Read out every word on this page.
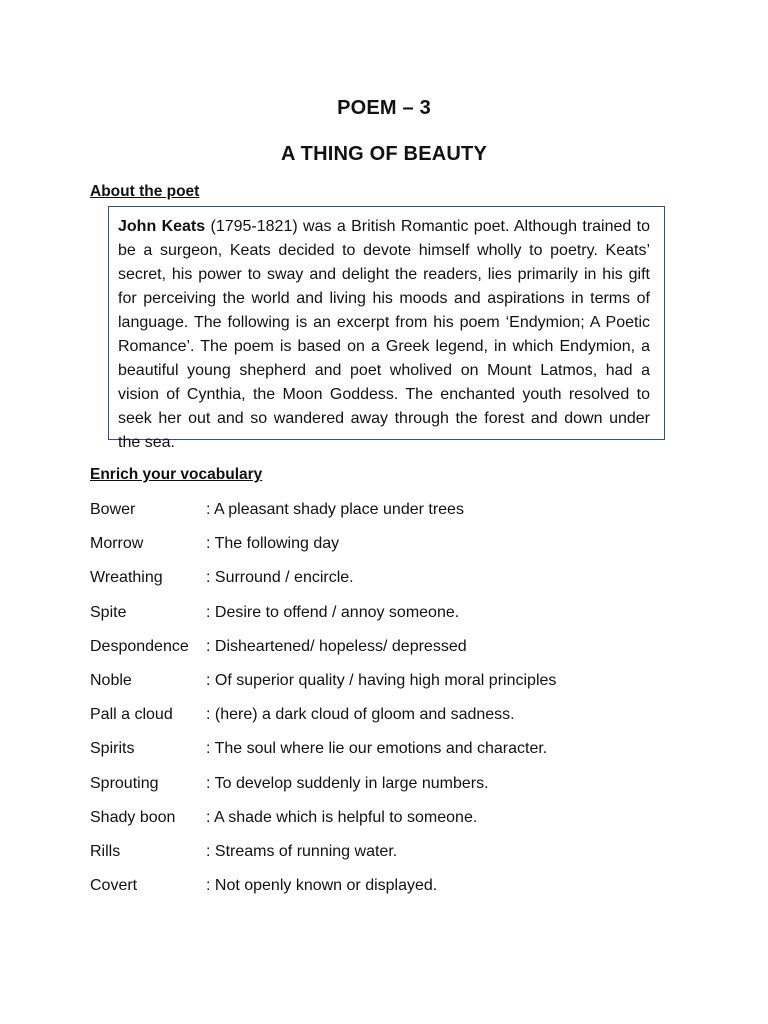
POEM – 3
A THING OF BEAUTY
About the poet

John Keats (1795-1821) was a British Romantic poet. Although trained to be a surgeon, Keats decided to devote himself wholly to poetry. Keats’ secret, his power to sway and delight the readers, lies primarily in his gift for perceiving the world and living his moods and aspirations in terms of language. The following is an excerpt from his poem ‘Endymion; A Poetic Romance’. The poem is based on a Greek legend, in which Endymion, a beautiful young shepherd and poet wholived on Mount Latmos, had a vision of Cynthia, the Moon Goddess. The enchanted youth resolved to seek her out and so wandered away through the forest and down under the sea.

Enrich your vocabulary
Bower	: A pleasant shady place under trees
Morrow	: The following day
Wreathing	: Surround / encircle.
Spite	: Desire to offend / annoy someone.
Despondence : Disheartened/ hopeless/ depressed
Noble	: Of superior quality / having high moral principles
Pall a cloud : (here) a dark cloud of gloom and sadness.
Spirits	: The soul where lie our emotions and character.
Sprouting	: To develop suddenly in large numbers.
Shady boon : A shade which is helpful to someone.
Rills	: Streams of running water.
Covert	: Not openly known or displayed.
